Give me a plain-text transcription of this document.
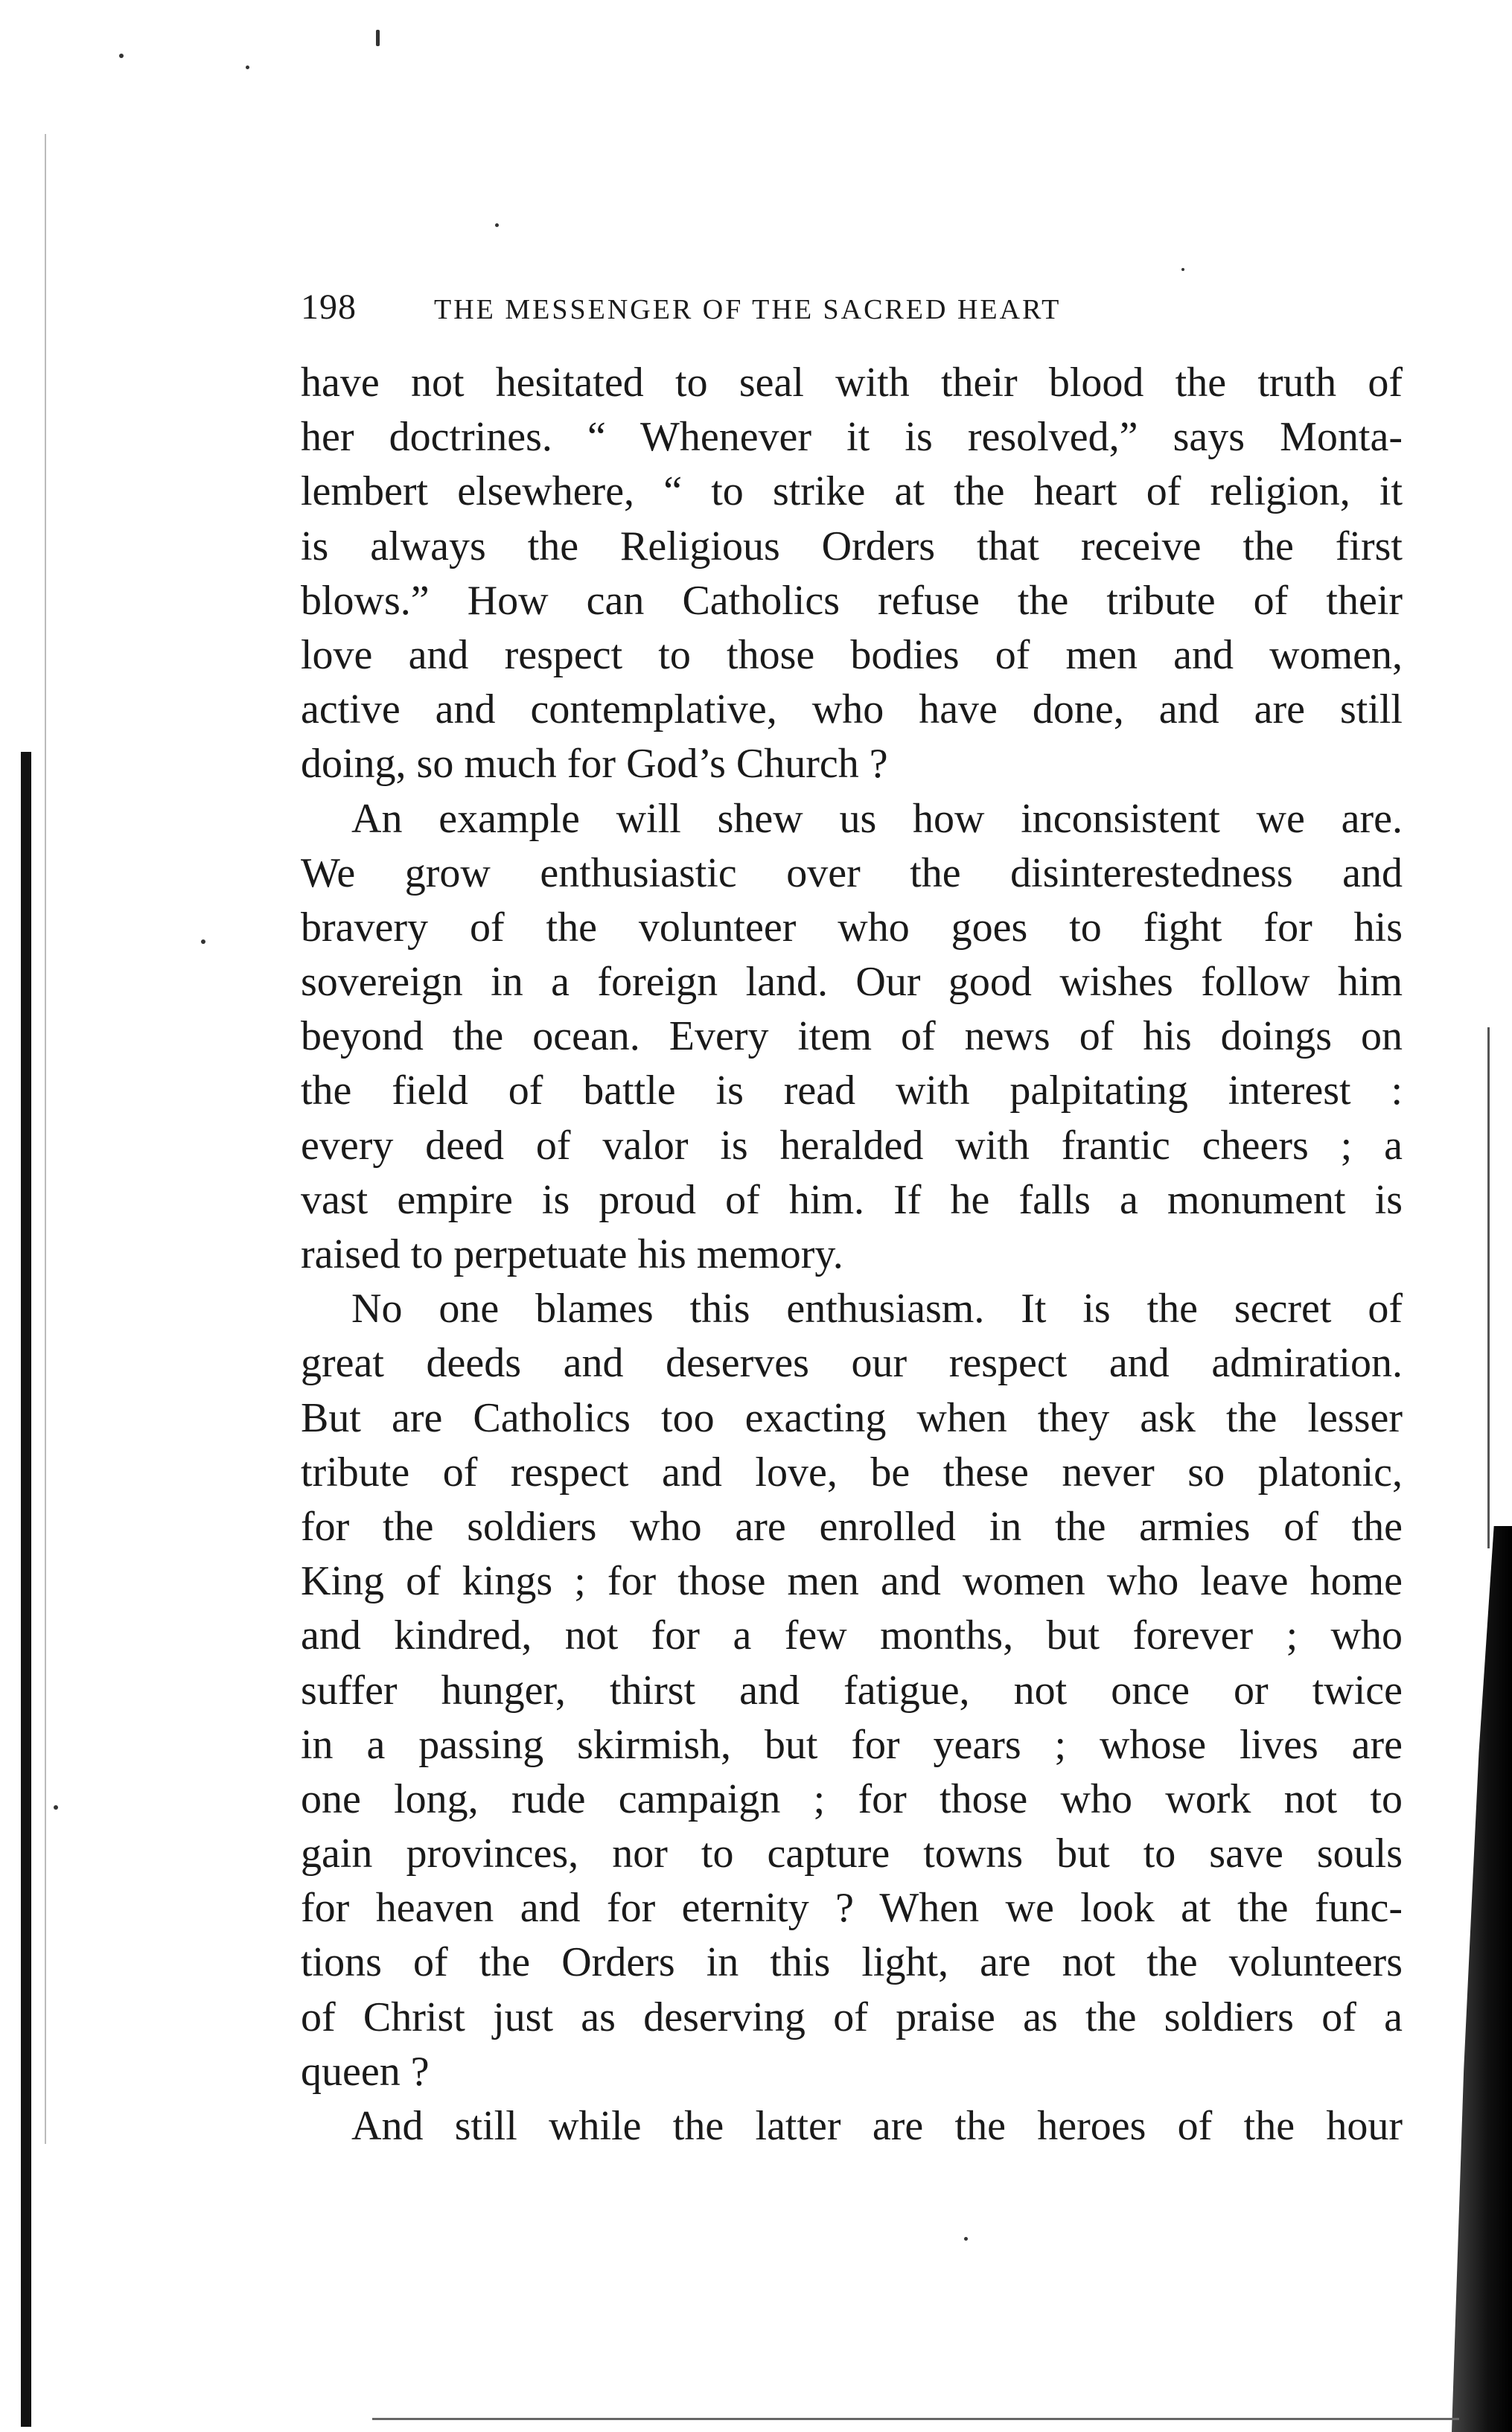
198	THE MESSENGER OF THE SACRED HEART
have not hesitated to seal with their blood the truth of
her doctrines. “ Whenever it is resolved,” says Monta-
lembert elsewhere, “ to strike at the heart of religion, it
is always the Religious Orders that receive the first
blows.” How can Catholics refuse the tribute of their
love and respect to those bodies of men and women,
active and contemplative, who have done, and are still
doing, so much for God’s Church ?
An example will shew us how inconsistent we are.
We grow enthusiastic over the disinterestedness and
bravery of the volunteer who goes to fight for his
sovereign in a foreign land. Our good wishes follow him
beyond the ocean. Every item of news of his doings on
the field of battle is read with palpitating interest :
every deed of valor is heralded with frantic cheers ; a
vast empire is proud of him. If he falls a monument is
raised to perpetuate his memory.
No one blames this enthusiasm. It is the secret of
great deeds and deserves our respect and admiration.
But are Catholics too exacting when they ask the lesser
tribute of respect and love, be these never so platonic,
for the soldiers who are enrolled in the armies of the
King of kings ; for those men and women who leave home
and kindred, not for a few months, but forever ; who
suffer hunger, thirst and fatigue, not once or twice
in a passing skirmish, but for years ; whose lives are
one long, rude campaign ; for those who work not to
gain provinces, nor to capture towns but to save souls
for heaven and for eternity ? When we look at the func-
tions of the Orders in this light, are not the volunteers
of Christ just as deserving of praise as the soldiers of a
queen ?
And still while the latter are the heroes of the hour
